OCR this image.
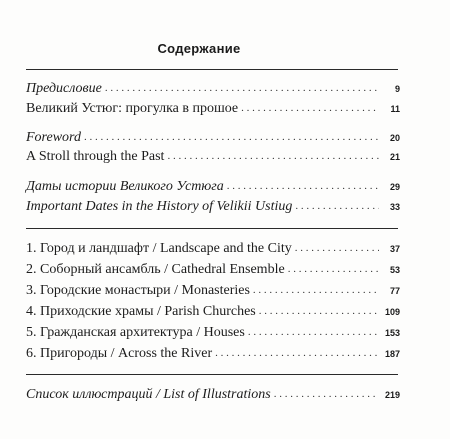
Содержание
Предисловие . . .	9
Великий Устюг: прогулка в прошое . . .	11
Foreword . . .	20
A Stroll through the Past . . .	21
Даты истории Великого Устюга . . .	29
Important Dates in the History of Velikii Ustiug . . .	33
1. Город и ландшафт / Landscape and the City . . .	37
2. Соборный ансамбль / Cathedral Ensemble . . .	53
3. Городские монастыри / Monasteries . . .	77
4. Приходские храмы / Parish Churches . . .	109
5. Гражданская архитектура / Houses . . .	153
6. Пригороды / Across the River . . .	187
Список иллюстраций / List of Illustrations . . .	219
